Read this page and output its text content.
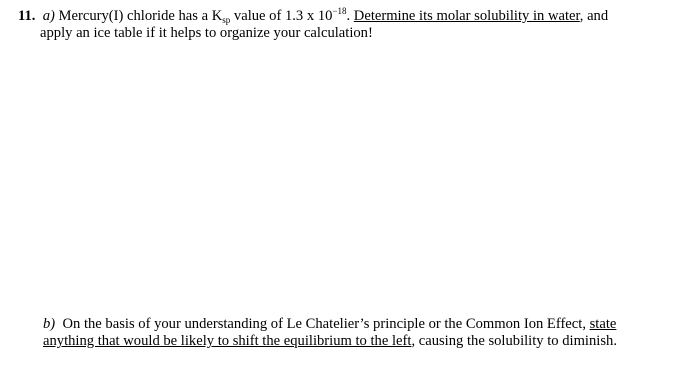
11. a) Mercury(I) chloride has a $K_{sp}$ value of 1.3 x $10^{-18}$. Determine its molar solubility in water, and
apply an ice table if it helps to organize your calculation!
b)  On the basis of your understanding of Le Chatelier’s principle or the Common Ion Effect, state
anything that would be likely to shift the equilibrium to the left, causing the solubility to diminish.
